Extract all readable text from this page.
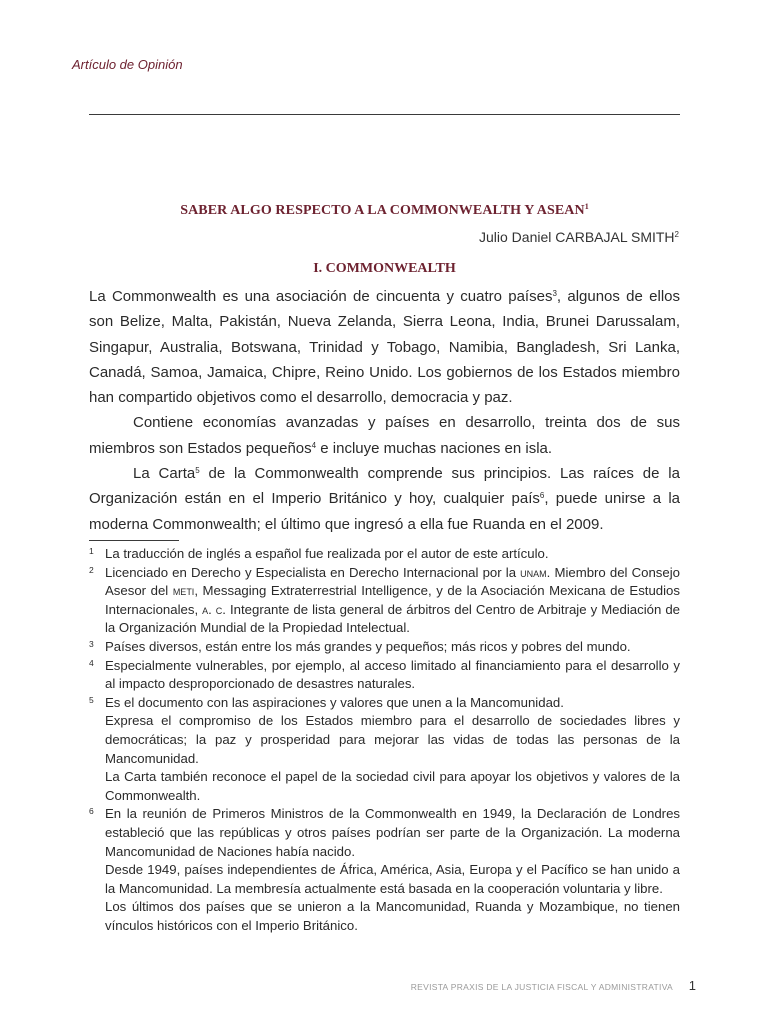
Artículo de Opinión
SABER ALGO RESPECTO A LA COMMONWEALTH Y ASEAN$^1$
Julio Daniel CARBAJAL SMITH$^2$
I. COMMONWEALTH

La Commonwealth es una asociación de cincuenta y cuatro países$^3$, algunos de ellos son Belize, Malta, Pakistán, Nueva Zelanda, Sierra Leona, India, Brunei Darussalam, Singapur, Australia, Botswana, Trinidad y Tobago, Namibia, Bangladesh, Sri Lanka, Canadá, Samoa, Jamaica, Chipre, Reino Unido. Los gobiernos de los Estados miembro han compartido objetivos como el desarrollo, democracia y paz.

Contiene economías avanzadas y países en desarrollo, treinta dos de sus miembros son Estados pequeños$^4$ e incluye muchas naciones en isla.

La Carta$^5$ de la Commonwealth comprende sus principios. Las raíces de la Organización están en el Imperio Británico y hoy, cualquier país$^6$, puede unirse a la moderna Commonwealth; el último que ingresó a ella fue Ruanda en el 2009.

1 La traducción de inglés a español fue realizada por el autor de este artículo.

2 Licenciado en Derecho y Especialista en Derecho Internacional por la unam. Miembro del Consejo Asesor del meti, Messaging Extraterrestrial Intelligence, y de la Asociación Mexicana de Estudios Internacionales, a. c. Integrante de lista general de árbitros del Centro de Arbitraje y Mediación de la Organización Mundial de la Propiedad Intelectual.

3 Países diversos, están entre los más grandes y pequeños; más ricos y pobres del mundo.

4 Especialmente vulnerables, por ejemplo, al acceso limitado al financiamiento para el desarrollo y al impacto desproporcionado de desastres naturales.

5 Es el documento con las aspiraciones y valores que unen a la Mancomunidad.

Expresa el compromiso de los Estados miembro para el desarrollo de sociedades libres y democráticas; la paz y prosperidad para mejorar las vidas de todas las personas de la Mancomunidad.

La Carta también reconoce el papel de la sociedad civil para apoyar los objetivos y valores de la Commonwealth.

6 En la reunión de Primeros Ministros de la Commonwealth en 1949, la Declaración de Londres estableció que las repúblicas y otros países podrían ser parte de la Organización. La moderna Mancomunidad de Naciones había nacido.

Desde 1949, países independientes de África, América, Asia, Europa y el Pacífico se han unido a la Mancomunidad. La membresía actualmente está basada en la cooperación voluntaria y libre.

Los últimos dos países que se unieron a la Mancomunidad, Ruanda y Mozambique, no tienen vínculos históricos con el Imperio Británico.

REVISTA PRAXIS DE LA JUSTICIA FISCAL Y ADMINISTRATIVA 1
